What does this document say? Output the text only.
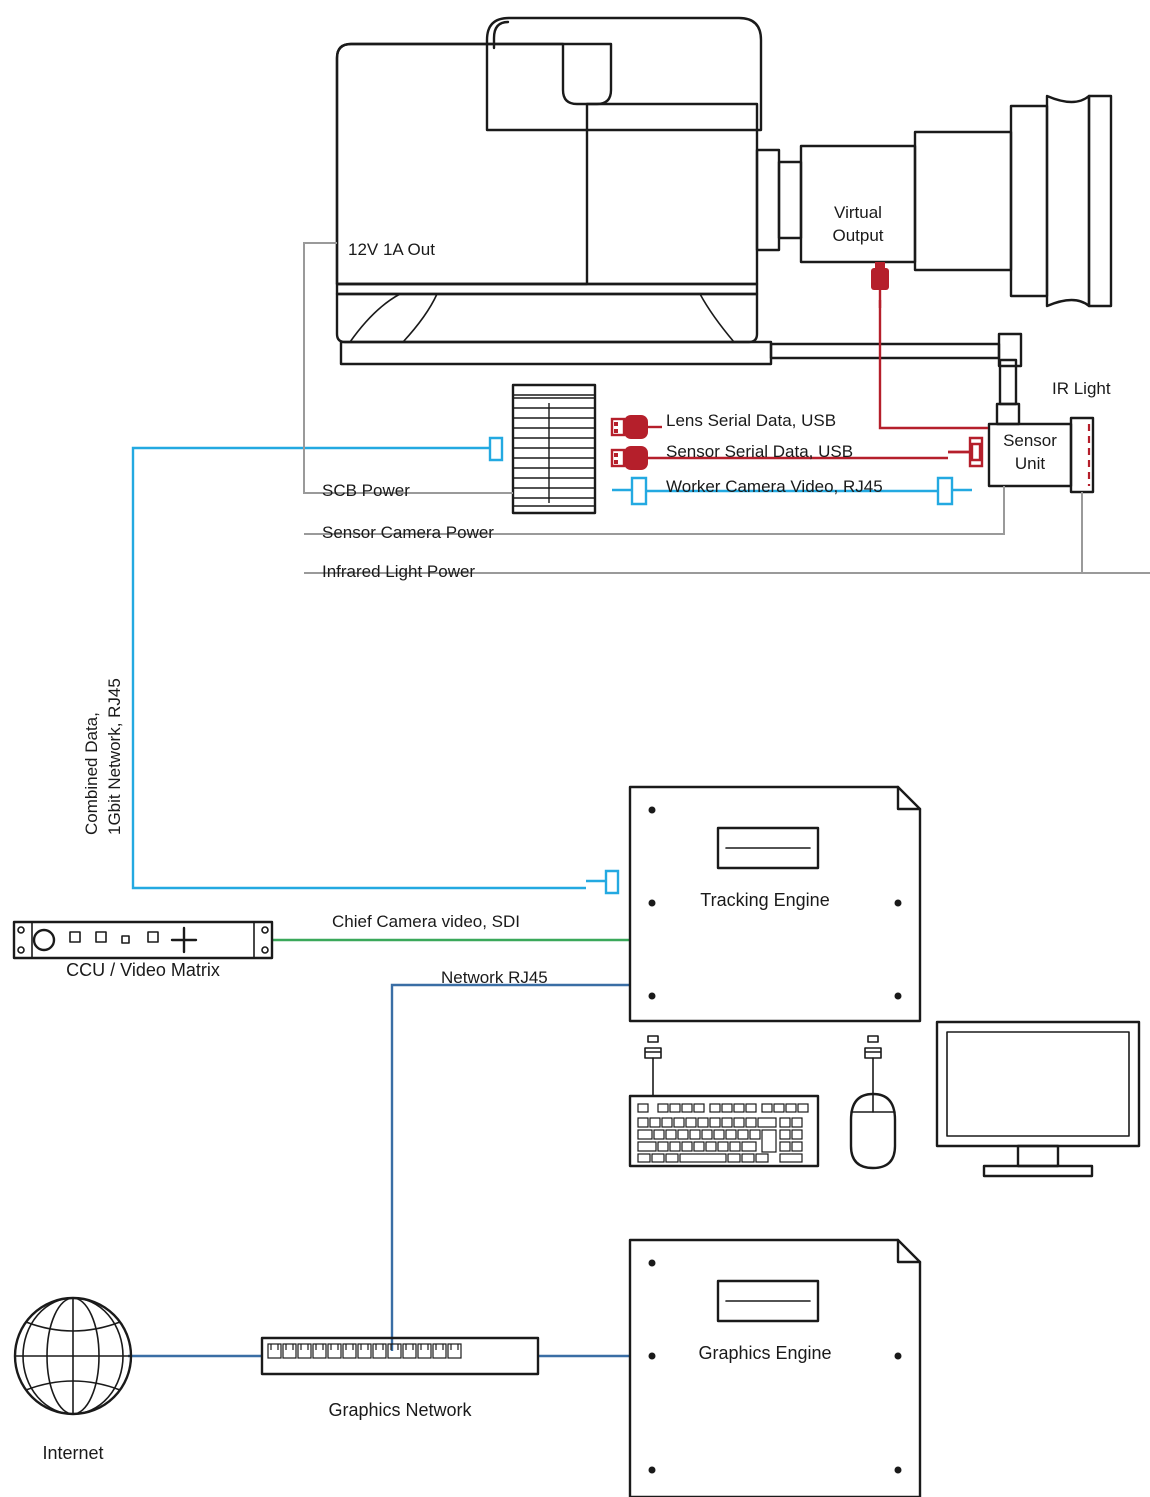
12V 1A Out
Virtual
Output
IR Light
Sensor
Unit
Lens Serial Data, USB
Sensor Serial Data, USB
Worker Camera Video, RJ45
SCB Power
Sensor Camera Power
Infrared Light Power
Combined Data, 1Gbit Network, RJ45
Tracking Engine
CCU / Video Matrix
Chief Camera video, SDI
Network RJ45
Graphics Engine
Graphics Network
Internet
